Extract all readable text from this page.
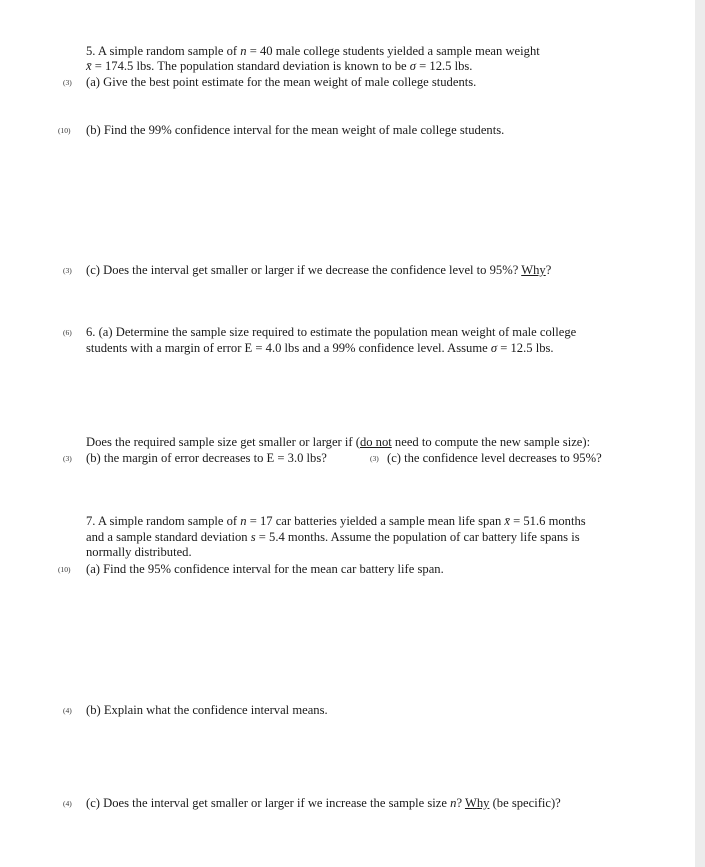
5. A simple random sample of n = 40 male college students yielded a sample mean weight
x̄ = 174.5 lbs. The population standard deviation is known to be σ = 12.5 lbs.
(3) (a) Give the best point estimate for the mean weight of male college students.
(10) (b) Find the 99% confidence interval for the mean weight of male college students.
(3) (c) Does the interval get smaller or larger if we decrease the confidence level to 95%? Why?
(6) 6. (a) Determine the sample size required to estimate the population mean weight of male college
students with a margin of error E = 4.0 lbs and a 99% confidence level. Assume σ = 12.5 lbs.
Does the required sample size get smaller or larger if (do not need to compute the new sample size):
(3) (b) the margin of error decreases to E = 3.0 lbs?	(3) (c) the confidence level decreases to 95%?
7. A simple random sample of n = 17 car batteries yielded a sample mean life span x̄ = 51.6 months
and a sample standard deviation s = 5.4 months. Assume the population of car battery life spans is
normally distributed.
(10) (a) Find the 95% confidence interval for the mean car battery life span.
(4) (b) Explain what the confidence interval means.
(4) (c) Does the interval get smaller or larger if we increase the sample size n? Why (be specific)?
